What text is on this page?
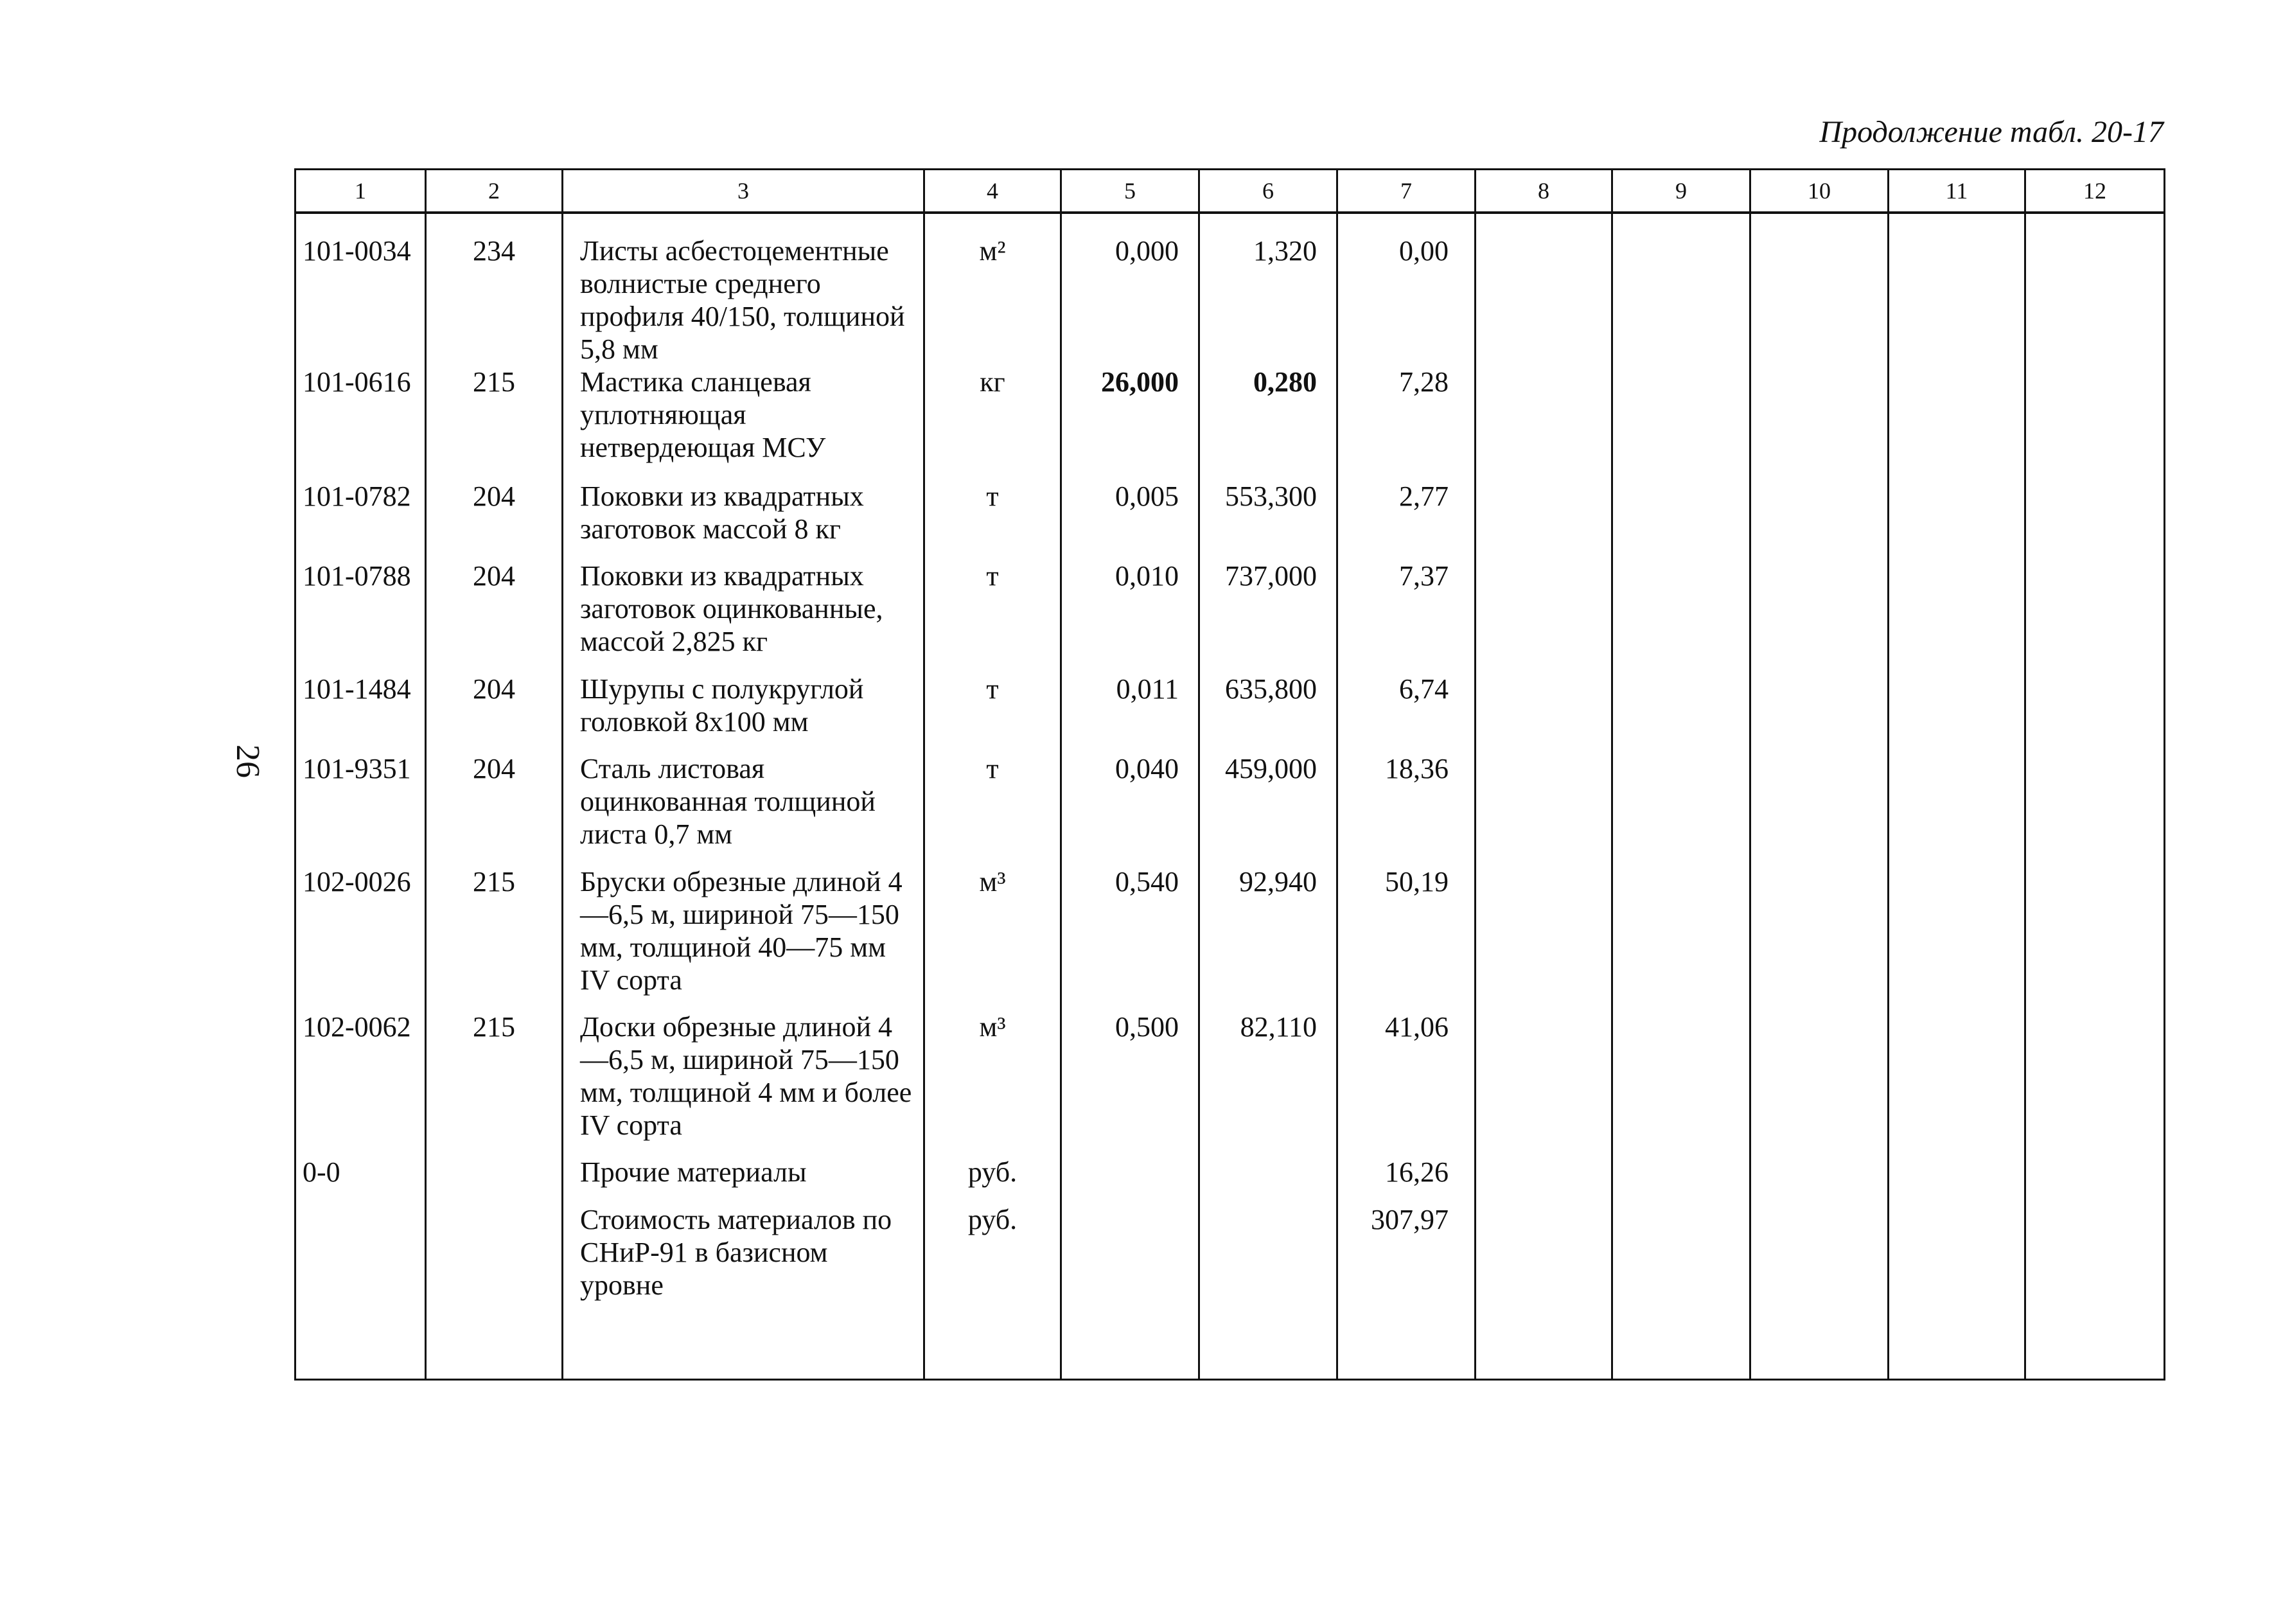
Продолжение табл. 20-17
26
1	2	3	4	5	6	7	8	9	10	11	12
101-0034	234	Листы асбестоцементные волнистые среднего профиля 40/150, толщиной 5,8 мм	м²	0,000	1,320	0,00					
101-0616	215	Мастика сланцевая уплотняющая нетвердеющая МСУ	кг	26,000	0,280	7,28					
101-0782	204	Поковки из квадратных заготовок массой 8 кг	т	0,005	553,300	2,77					
101-0788	204	Поковки из квадратных заготовок оцинкованные, массой 2,825 кг	т	0,010	737,000	7,37					
101-1484	204	Шурупы с полукруглой головкой 8x100 мм	т	0,011	635,800	6,74					
101-9351	204	Сталь листовая оцинкованная толщиной листа 0,7 мм	т	0,040	459,000	18,36					
102-0026	215	Бруски обрезные длиной 4—6,5 м, шириной 75—150 мм, толщиной 40—75 мм IV сорта	м³	0,540	92,940	50,19					
102-0062	215	Доски обрезные длиной 4—6,5 м, шириной 75—150 мм, толщиной 4 мм и более IV сорта	м³	0,500	82,110	41,06					
0-0		Прочие материалы	руб.			16,26					
		Стоимость материалов по СНиР-91 в базисном уровне	руб.			307,97					
